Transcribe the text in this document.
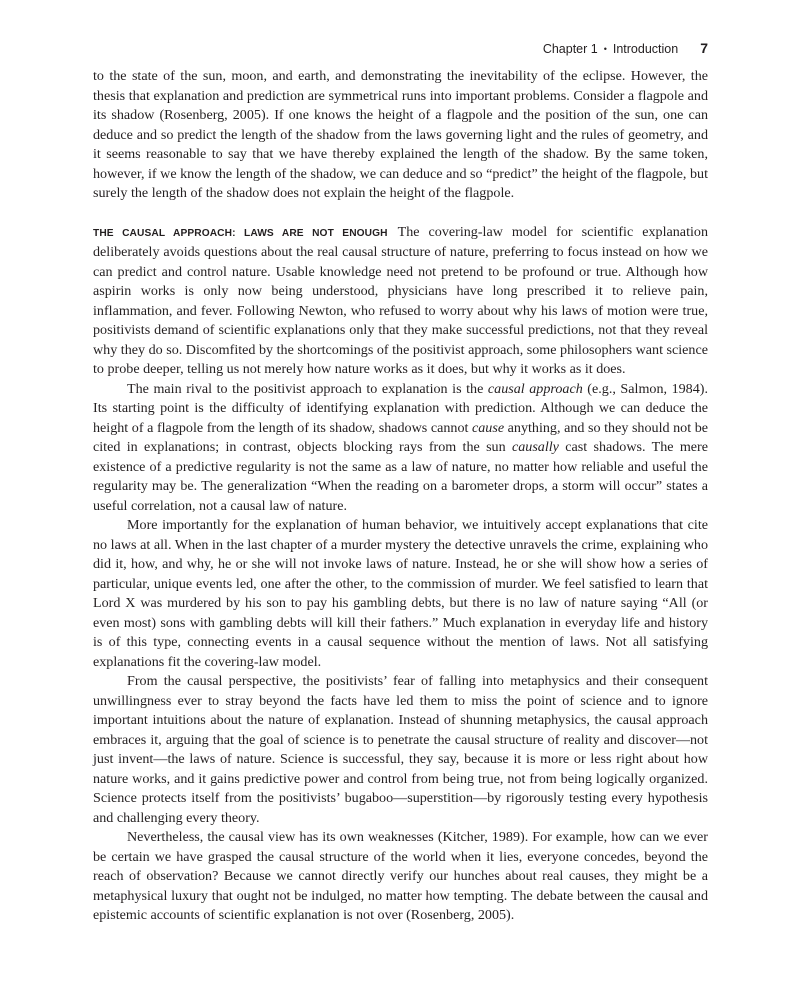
Chapter 1 • Introduction 7

to the state of the sun, moon, and earth, and demonstrating the inevitability of the eclipse. However, the thesis that explanation and prediction are symmetrical runs into important problems. Consider a flagpole and its shadow (Rosenberg, 2005). If one knows the height of a flagpole and the position of the sun, one can deduce and so predict the length of the shadow from the laws governing light and the rules of geometry, and it seems reasonable to say that we have thereby explained the length of the shadow. By the same token, however, if we know the length of the shadow, we can deduce and so “predict” the height of the flagpole, but surely the length of the shadow does not explain the height of the flagpole.

THE CAUSAL APPROACH: LAWS ARE NOT ENOUGH The covering-law model for scientific explanation deliberately avoids questions about the real causal structure of nature, preferring to focus instead on how we can predict and control nature. Usable knowledge need not pretend to be profound or true. Although how aspirin works is only now being understood, physicians have long prescribed it to relieve pain, inflammation, and fever. Following Newton, who refused to worry about why his laws of motion were true, positivists demand of scientific explanations only that they make successful predictions, not that they reveal why they do so. Discomfited by the shortcomings of the positivist approach, some philosophers want science to probe deeper, telling us not merely how nature works as it does, but why it works as it does.

The main rival to the positivist approach to explanation is the causal approach (e.g., Salmon, 1984). Its starting point is the difficulty of identifying explanation with prediction. Although we can deduce the height of a flagpole from the length of its shadow, shadows cannot cause anything, and so they should not be cited in explanations; in contrast, objects blocking rays from the sun causally cast shadows. The mere existence of a predictive regularity is not the same as a law of nature, no matter how reliable and useful the regularity may be. The generalization “When the reading on a barometer drops, a storm will occur” states a useful correlation, not a causal law of nature.

More importantly for the explanation of human behavior, we intuitively accept explanations that cite no laws at all. When in the last chapter of a murder mystery the detective unravels the crime, explaining who did it, how, and why, he or she will not invoke laws of nature. Instead, he or she will show how a series of particular, unique events led, one after the other, to the commission of murder. We feel satisfied to learn that Lord X was murdered by his son to pay his gambling debts, but there is no law of nature saying “All (or even most) sons with gambling debts will kill their fathers.” Much explanation in everyday life and history is of this type, connecting events in a causal sequence without the mention of laws. Not all satisfying explanations fit the covering-law model.

From the causal perspective, the positivists’ fear of falling into metaphysics and their consequent unwillingness ever to stray beyond the facts have led them to miss the point of science and to ignore important intuitions about the nature of explanation. Instead of shunning metaphysics, the causal approach embraces it, arguing that the goal of science is to penetrate the causal structure of reality and discover—not just invent—the laws of nature. Science is successful, they say, because it is more or less right about how nature works, and it gains predictive power and control from being true, not from being logically organized. Science protects itself from the positivists’ bugaboo—superstition—by rigorously testing every hypothesis and challenging every theory.

Nevertheless, the causal view has its own weaknesses (Kitcher, 1989). For example, how can we ever be certain we have grasped the causal structure of the world when it lies, everyone concedes, beyond the reach of observation? Because we cannot directly verify our hunches about real causes, they might be a metaphysical luxury that ought not be indulged, no matter how tempting. The debate between the causal and epistemic accounts of scientific explanation is not over (Rosenberg, 2005).
